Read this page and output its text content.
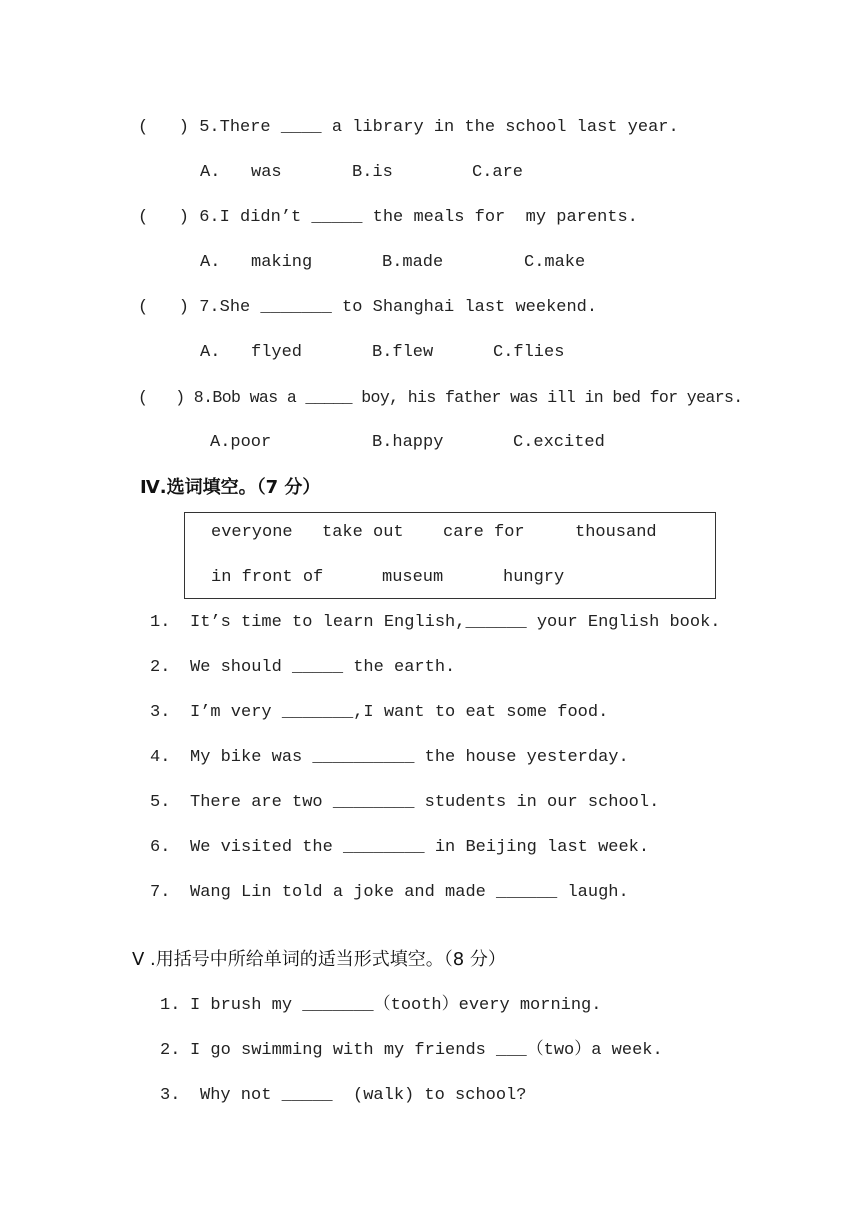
(   ) 5.There ____ a library in the school last year.
A. was	B.is	C.are
(   ) 6.I didn’t _____ the meals for  my parents.
A. making	B.made	C.make
(   ) 7.She _______ to Shanghai last weekend.
A. flyed	B.flew	C.flies
(   ) 8.Bob was a _____ boy, his father was ill in bed for years.
A.poor	B.happy	C.excited
Ⅳ.选词填空。（7 分）
everyone take out care for	thousand
in front of	museum	hungry
1. It’s time to learn English,______ your English book.
2. We should _____ the earth.
3. I’m very _______,I want to eat some food.
4. My bike was __________ the house yesterday.
5. There are two ________ students in our school.
6. We visited the ________ in Beijing last week.
7. Wang Lin told a joke and made ______ laugh.
Ⅴ .用括号中所给单词的适当形式填空。（8 分）
1. I brush my _______（tooth）every morning.
2. I go swimming with my friends ___（two）a week.
3. Why not _____  (walk) to school?
